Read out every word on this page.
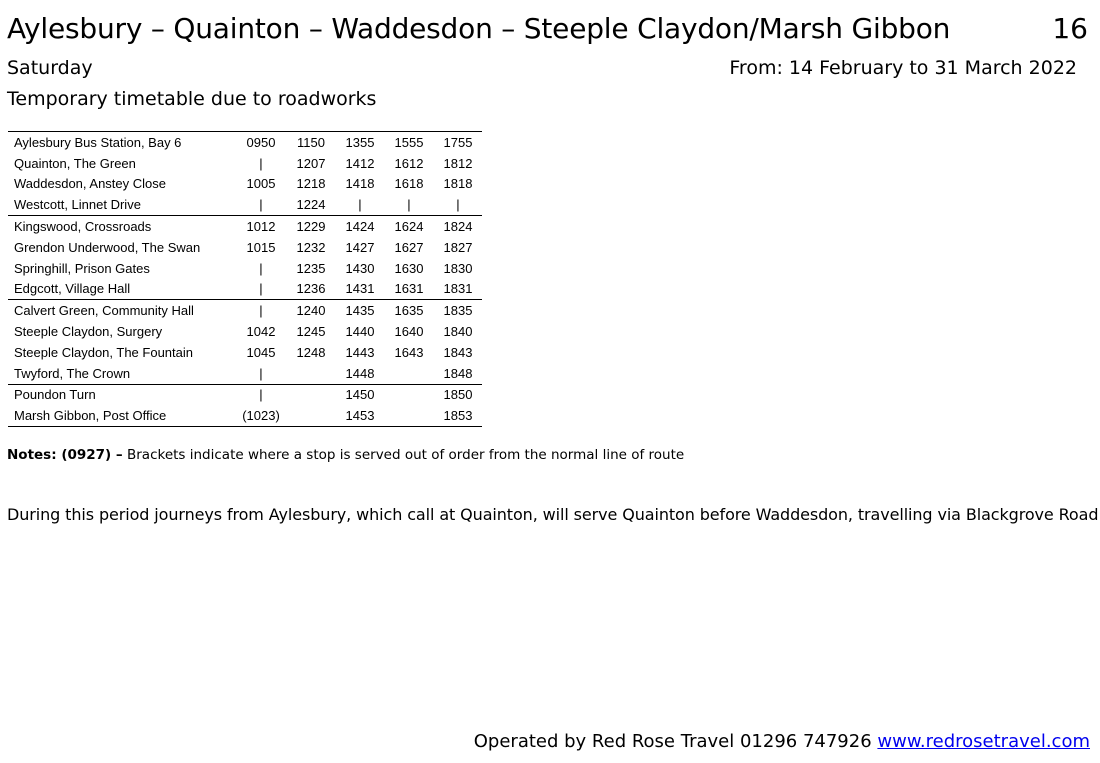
Aylesbury – Quainton – Waddesdon – Steeple Claydon/Marsh Gibbon	16
Saturday	From: 14 February to 31 March 2022
Temporary timetable due to roadworks
Aylesbury Bus Station, Bay 6	0950	1150	1355	1555	1755
Quainton, The Green	|	1207	1412	1612	1812
Waddesdon, Anstey Close	1005	1218	1418	1618	1818
Westcott, Linnet Drive	|	1224	|	|	|
Kingswood, Crossroads	1012	1229	1424	1624	1824
Grendon Underwood, The Swan	1015	1232	1427	1627	1827
Springhill, Prison Gates	|	1235	1430	1630	1830
Edgcott, Village Hall	|	1236	1431	1631	1831
Calvert Green, Community Hall	|	1240	1435	1635	1835
Steeple Claydon, Surgery	1042	1245	1440	1640	1840
Steeple Claydon, The Fountain	1045	1248	1443	1643	1843
Twyford, The Crown	|		1448		1848
Poundon Turn	|		1450		1850
Marsh Gibbon, Post Office	(1023)		1453		1853
Notes: (0927) – Brackets indicate where a stop is served out of order from the normal line of route
During this period journeys from Aylesbury, which call at Quainton, will serve Quainton before Waddesdon, travelling via Blackgrove Road
Operated by Red Rose Travel 01296 747926 www.redrosetravel.com
